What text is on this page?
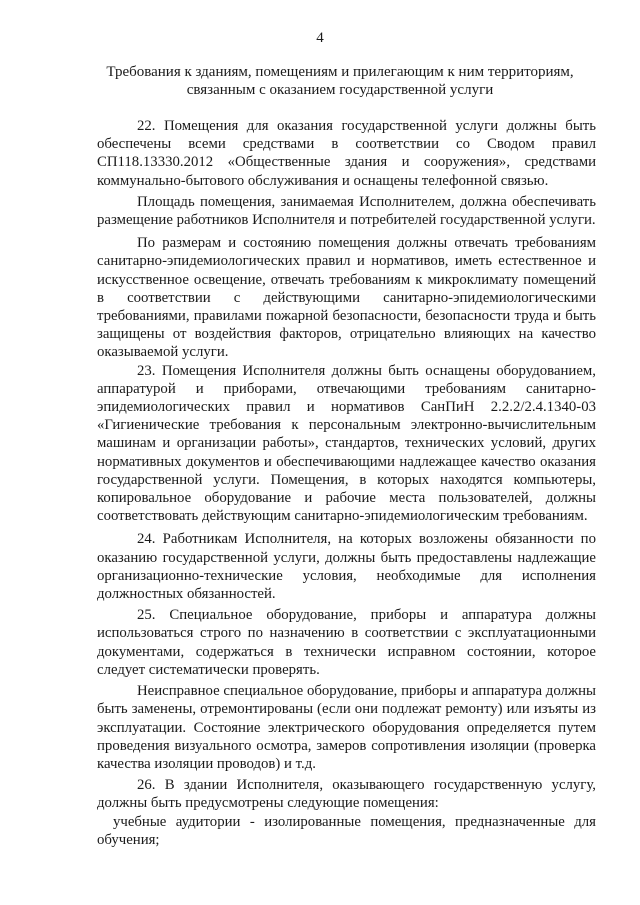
4
Требования к зданиям, помещениям и прилегающим к ним территориям,
связанным с оказанием государственной услуги

22. Помещения для оказания государственной услуги должны быть обеспечены всеми средствами в соответствии со Сводом правил СП118.13330.2012 «Общественные здания и сооружения», средствами коммунально-бытового обслуживания и оснащены телефонной связью.

Площадь помещения, занимаемая Исполнителем, должна обеспечивать размещение работников Исполнителя и потребителей государственной услуги.

По размерам и состоянию помещения должны отвечать требованиям санитарно-эпидемиологических правил и нормативов, иметь естественное и искусственное освещение, отвечать требованиям к микроклимату помещений в соответствии с действующими санитарно-эпидемиологическими требованиями, правилами пожарной безопасности, безопасности труда и быть защищены от воздействия факторов, отрицательно влияющих на качество оказываемой услуги.

23. Помещения Исполнителя должны быть оснащены оборудованием, аппаратурой и приборами, отвечающими требованиям санитарно-эпидемиологических правил и нормативов СанПиН 2.2.2/2.4.1340-03 «Гигиенические требования к персональным электронно-вычислительным машинам и организации работы», стандартов, технических условий, других нормативных документов и обеспечивающими надлежащее качество оказания государственной услуги. Помещения, в которых находятся компьютеры, копировальное оборудование и рабочие места пользователей, должны соответствовать действующим санитарно-эпидемиологическим требованиям.

24. Работникам Исполнителя, на которых возложены обязанности по оказанию государственной услуги, должны быть предоставлены надлежащие организационно-технические условия, необходимые для исполнения должностных обязанностей.

25. Специальное оборудование, приборы и аппаратура должны использоваться строго по назначению в соответствии с эксплуатационными документами, содержаться в технически исправном состоянии, которое следует систематически проверять.

Неисправное специальное оборудование, приборы и аппаратура должны быть заменены, отремонтированы (если они подлежат ремонту) или изъяты из эксплуатации. Состояние электрического оборудования определяется путем проведения визуального осмотра, замеров сопротивления изоляции (проверка качества изоляции проводов) и т.д.

26. В здании Исполнителя, оказывающего государственную услугу, должны быть предусмотрены следующие помещения:

учебные аудитории - изолированные помещения, предназначенные для обучения;
